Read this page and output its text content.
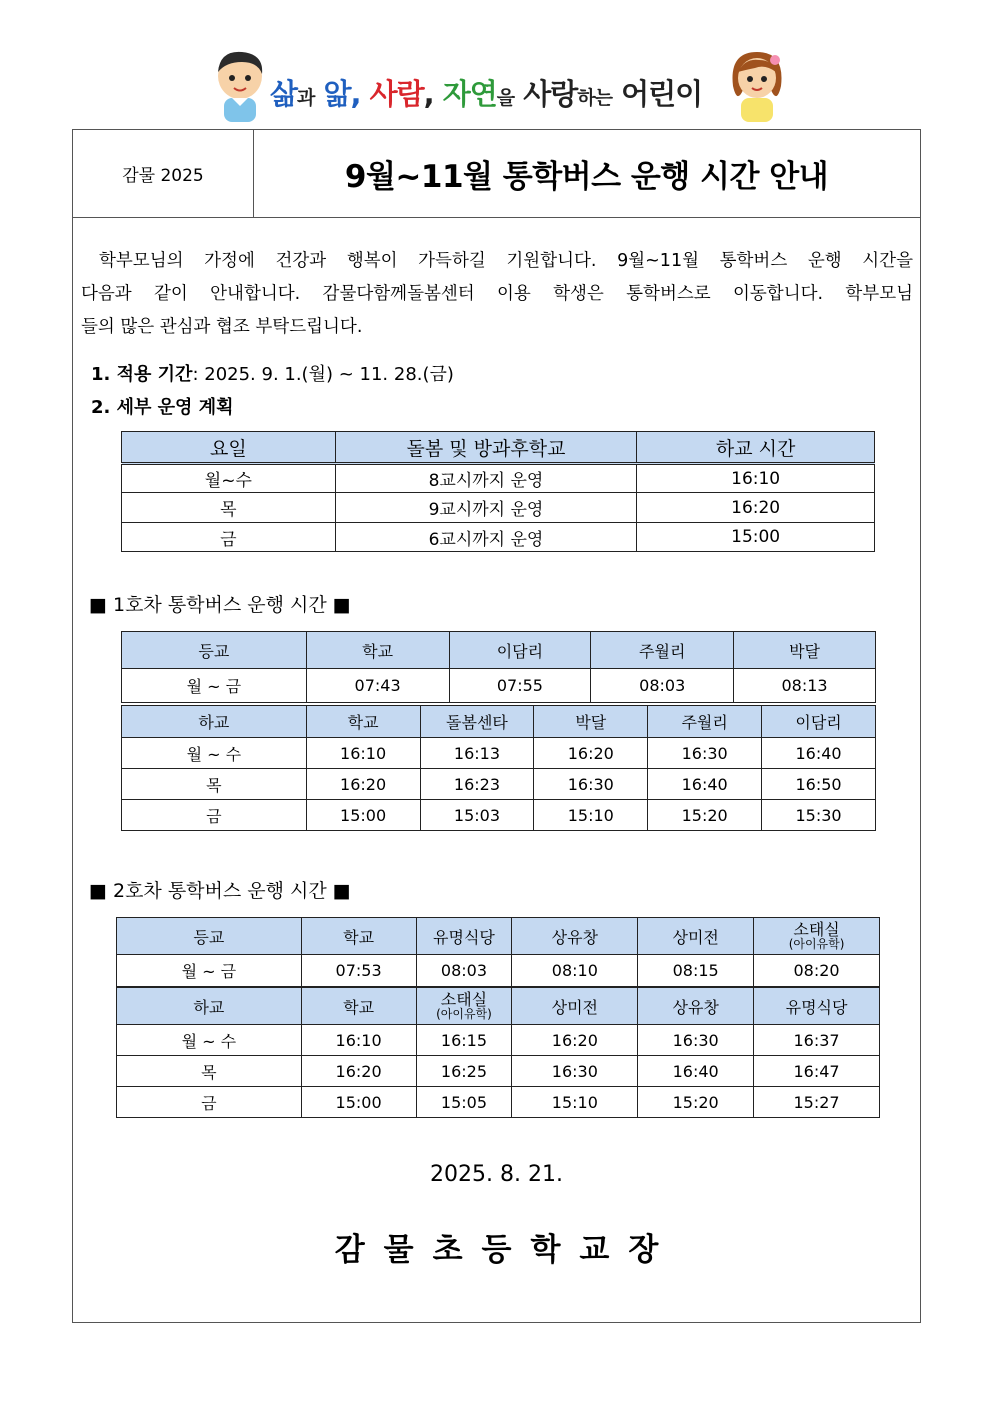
삶과 앎, 사람, 자연을 사랑하는 어린이
감물 2025	9월~11월 통학버스 운행 시간 안내
학부모님의 가정에 건강과 행복이 가득하길 기원합니다. 9월~11월 통학버스 운행 시간을
다음과 같이 안내합니다. 감물다함께돌봄센터 이용 학생은 통학버스로 이동합니다. 학부모님
들의 많은 관심과 협조 부탁드립니다.
1. 적용 기간: 2025. 9. 1.(월) ~ 11. 28.(금)
2. 세부 운영 계획
요일	돌봄 및 방과후학교	하교 시간
월~수	8교시까지 운영	16:10
목	9교시까지 운영	16:20
금	6교시까지 운영	15:00
■ 1호차 통학버스 운행 시간 ■
등교	학교	이담리	주월리	박달
월 ~ 금	07:43	07:55	08:03	08:13
하교	학교	돌봄센타	박달	주월리	이담리
월 ~ 수	16:10	16:13	16:20	16:30	16:40
목	16:20	16:23	16:30	16:40	16:50
금	15:00	15:03	15:10	15:20	15:30
■ 2호차 통학버스 운행 시간 ■
등교	학교	유명식당	상유창	상미전	소태실
(아이유학)

월 ~ 금	07:53	08:03	08:10	08:15	08:20
하교	학교	소태실
(아이유학)	상미전	상유창	유명식당
월 ~ 수	16:10	16:15	16:20	16:30	16:37
목	16:20	16:25	16:30	16:40	16:47
금	15:00	15:05	15:10	15:20	15:27
2025. 8. 21.
감물초등학교장
